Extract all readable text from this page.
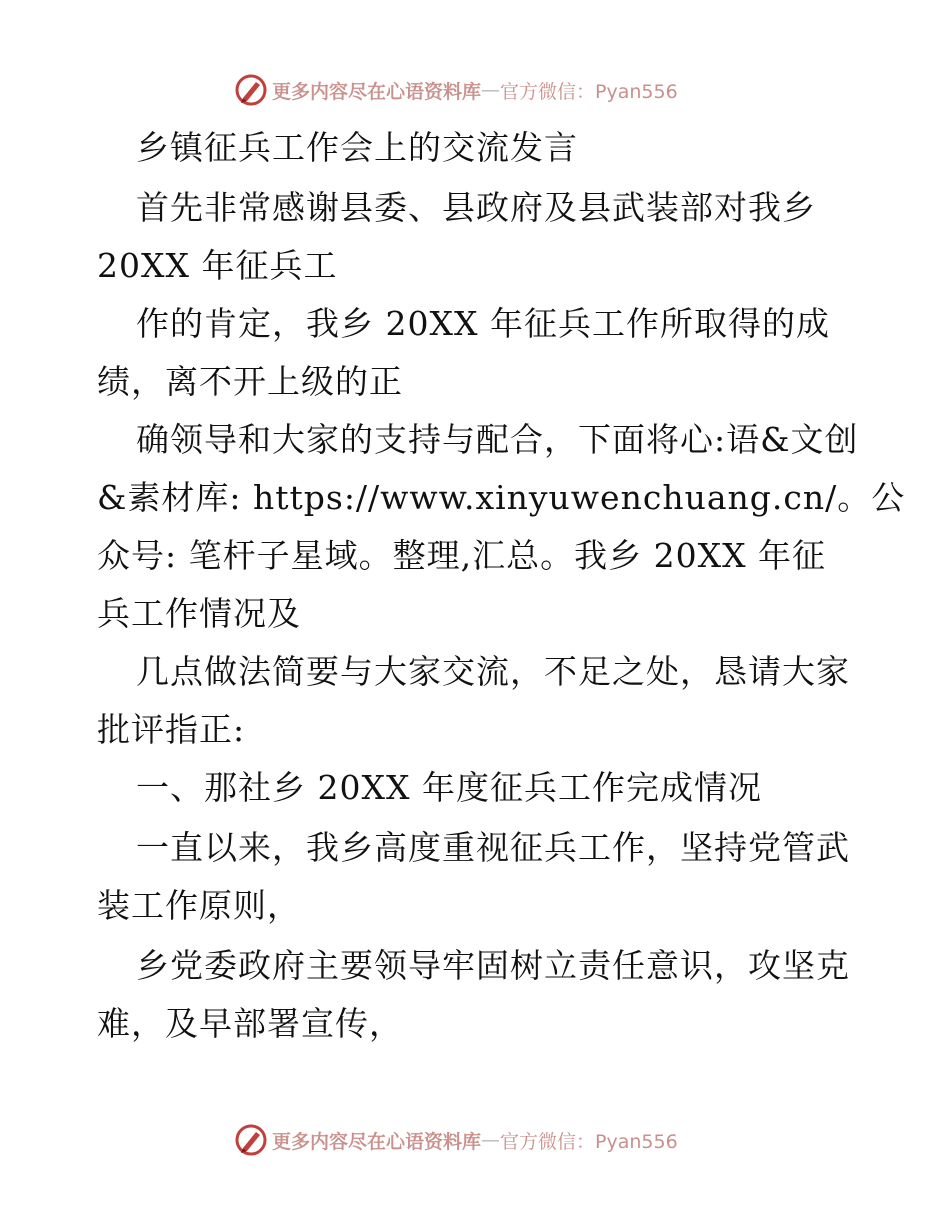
更多内容尽在心语资料库 — 官方微信：Pyan556
乡镇征兵工作会上的交流发言
首先非常感谢县委、县政府及县武装部对我乡
20XX 年征兵工
作的肯定，我乡 20XX 年征兵工作所取得的成
绩，离不开上级的正
确领导和大家的支持与配合，下面将心:语&文创
&素材库: https://www.xinyuwenchuang.cn/。公
众号: 笔杆子星域。整理,汇总。我乡 20XX 年征
兵工作情况及
几点做法简要与大家交流，不足之处，恳请大家
批评指正:
一、那社乡 20XX 年度征兵工作完成情况
一直以来，我乡高度重视征兵工作，坚持党管武
装工作原则，
乡党委政府主要领导牢固树立责任意识，攻坚克
难，及早部署宣传，
更多内容尽在心语资料库 — 官方微信：Pyan556
